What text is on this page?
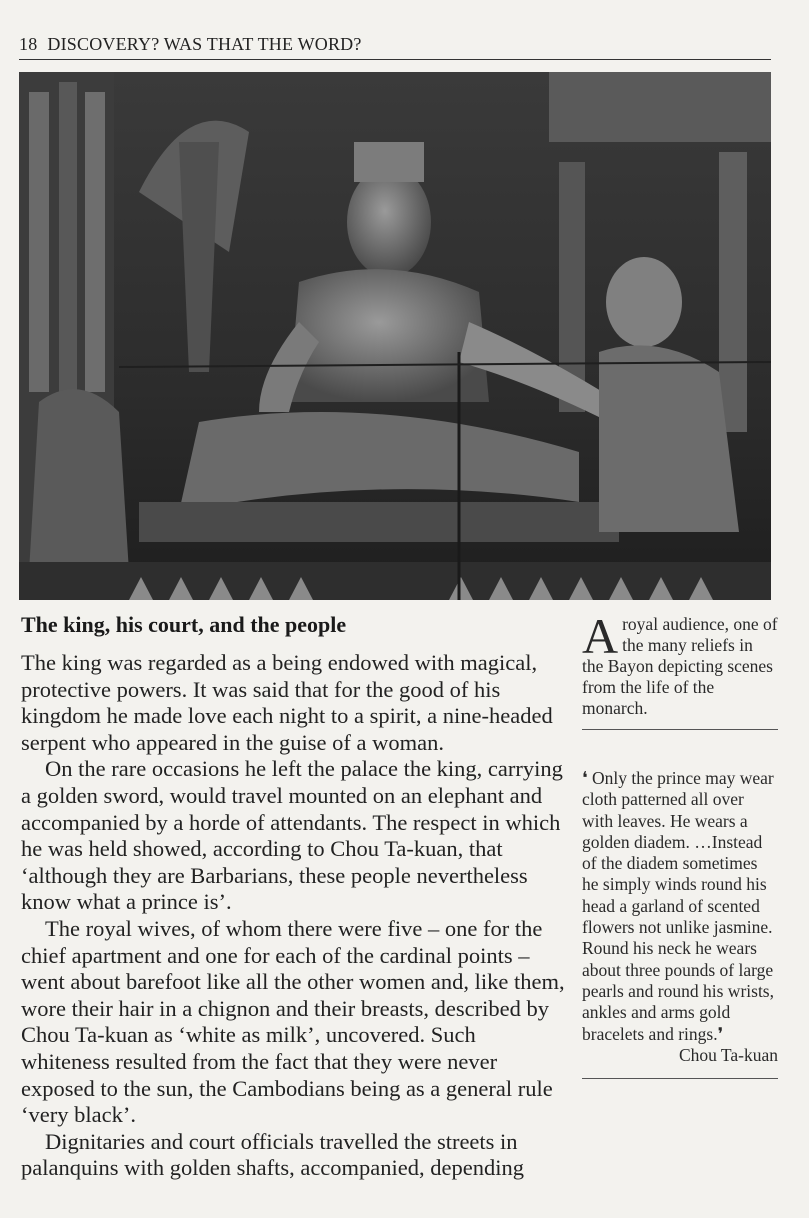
18 DISCOVERY? WAS THAT THE WORD?
The king, his court, and the people

The king was regarded as a being endowed with magical, protective powers. It was said that for the good of his kingdom he made love each night to a spirit, a nine-headed serpent who appeared in the guise of a woman.

On the rare occasions he left the palace the king, carrying a golden sword, would travel mounted on an elephant and accompanied by a horde of attendants. The respect in which he was held showed, according to Chou Ta-kuan, that ‘although they are Barbarians, these people nevertheless know what a prince is’.

The royal wives, of whom there were five – one for the chief apartment and one for each of the cardinal points – went about barefoot like all the other women and, like them, wore their hair in a chignon and their breasts, described by Chou Ta-kuan as ‘white as milk’, uncovered. Such whiteness resulted from the fact that they were never exposed to the sun, the Cambodians being as a general rule ‘very black’.

Dignitaries and court officials travelled the streets in palanquins with golden shafts, accompanied, depending

Aroyal audience, one of the many reliefs in the Bayon depicting scenes from the life of the monarch.
❛ Only the prince may wear cloth patterned all over with leaves. He wears a golden diadem. …Instead of the diadem sometimes he simply winds round his head a garland of scented flowers not unlike jasmine. Round his neck he wears about three pounds of large pearls and round his wrists, ankles and arms gold bracelets and rings.❜
Chou Ta-kuan
